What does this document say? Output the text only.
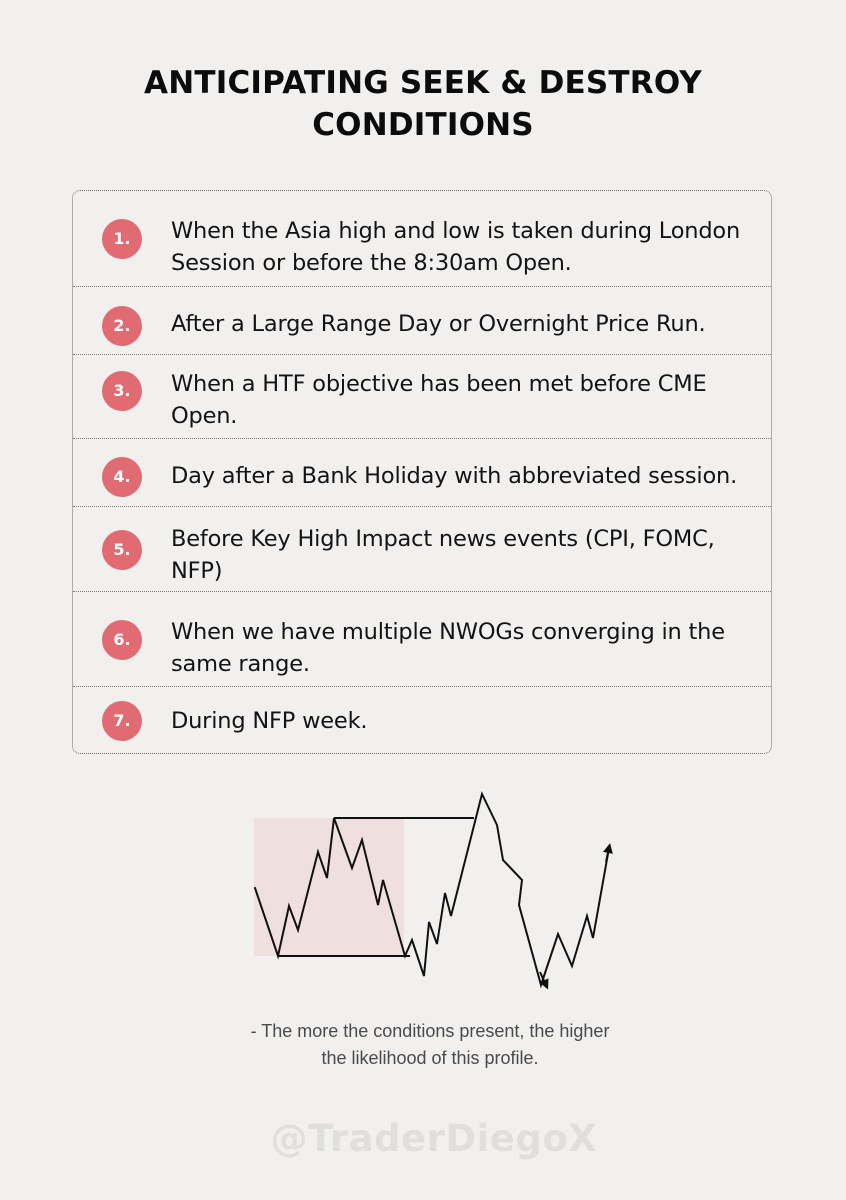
ANTICIPATING SEEK & DESTROY
CONDITIONS
1.	When the Asia high and low is taken during London Session or before the 8:30am Open.
2.	After a Large Range Day or Overnight Price Run.
3.	When a HTF objective has been met before CME Open.
4.	Day after a Bank Holiday with abbreviated session.
5.	Before Key High Impact news events (CPI, FOMC, NFP)
6.	When we have multiple NWOGs converging in the same range.
7.	During NFP week.
- The more the conditions present, the higher
the likelihood of this profile.
@TraderDiegoX
